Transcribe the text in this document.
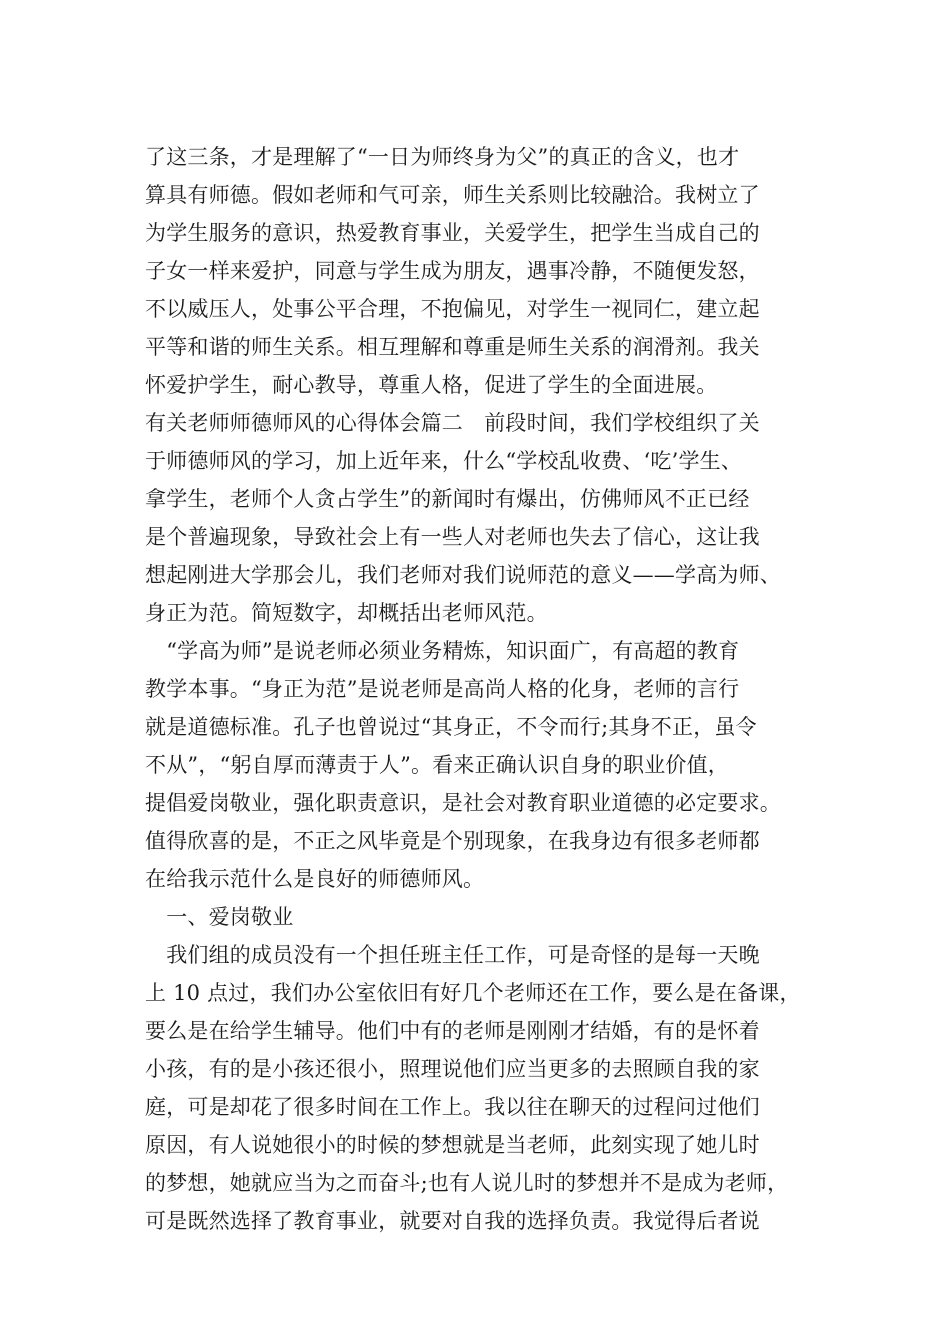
了这三条，才是理解了“一日为师终身为父”的真正的含义，也才
算具有师德。假如老师和气可亲，师生关系则比较融洽。我树立了
为学生服务的意识，热爱教育事业，关爱学生，把学生当成自己的
子女一样来爱护，同意与学生成为朋友，遇事冷静，不随便发怒，
不以威压人，处事公平合理，不抱偏见，对学生一视同仁，建立起
平等和谐的师生关系。相互理解和尊重是师生关系的润滑剂。我关
怀爱护学生，耐心教导，尊重人格，促进了学生的全面进展。
有关老师师德师风的心得体会篇二　前段时间，我们学校组织了关
于师德师风的学习，加上近年来，什么“学校乱收费、‘吃’学生、
拿学生，老师个人贪占学生”的新闻时有爆出，仿佛师风不正已经
是个普遍现象，导致社会上有一些人对老师也失去了信心，这让我
想起刚进大学那会儿，我们老师对我们说师范的意义——学高为师、
身正为范。简短数字，却概括出老师风范。
　“学高为师”是说老师必须业务精炼，知识面广，有高超的教育
教学本事。“身正为范”是说老师是高尚人格的化身，老师的言行
就是道德标准。孔子也曾说过“其身正，不令而行;其身不正，虽令
不从”，“躬自厚而薄责于人”。看来正确认识自身的职业价值，
提倡爱岗敬业，强化职责意识，是社会对教育职业道德的必定要求。
值得欣喜的是，不正之风毕竟是个别现象，在我身边有很多老师都
在给我示范什么是良好的师德师风。
　一、爱岗敬业
　我们组的成员没有一个担任班主任工作，可是奇怪的是每一天晚
上 10 点过，我们办公室依旧有好几个老师还在工作，要么是在备课，
要么是在给学生辅导。他们中有的老师是刚刚才结婚，有的是怀着
小孩，有的是小孩还很小，照理说他们应当更多的去照顾自我的家
庭，可是却花了很多时间在工作上。我以往在聊天的过程问过他们
原因，有人说她很小的时候的梦想就是当老师，此刻实现了她儿时
的梦想，她就应当为之而奋斗;也有人说儿时的梦想并不是成为老师，
可是既然选择了教育事业，就要对自我的选择负责。我觉得后者说
